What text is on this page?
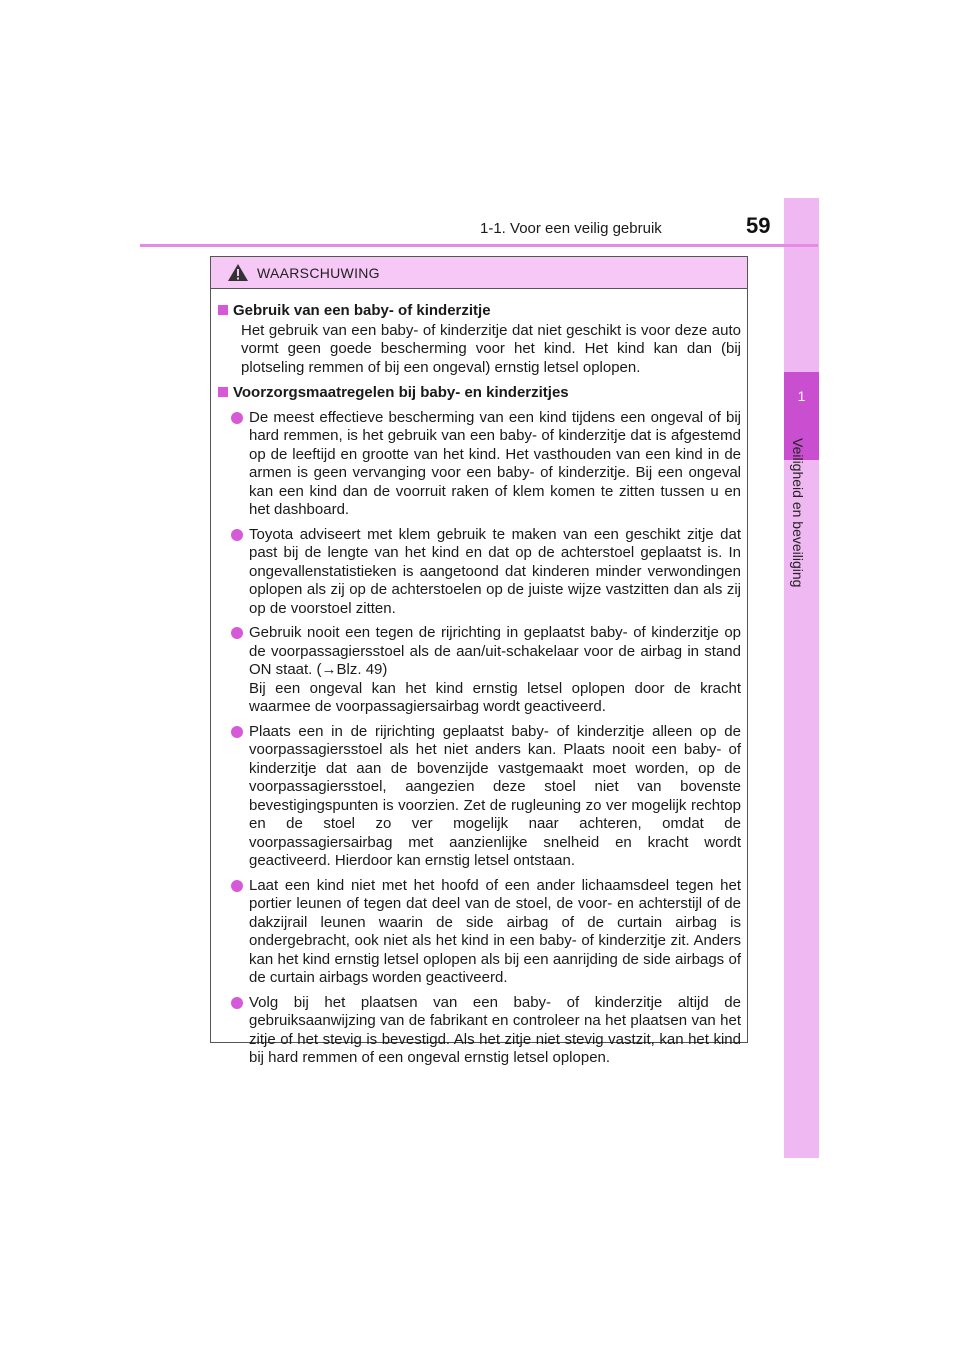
1
Veiligheid en beveiliging
1-1. Voor een veilig gebruik	59
WAARSCHUWING
Gebruik van een baby- of kinderzitje
Het gebruik van een baby- of kinderzitje dat niet geschikt is voor deze auto vormt geen goede bescherming voor het kind. Het kind kan dan (bij plotseling remmen of bij een ongeval) ernstig letsel oplopen.
Voorzorgsmaatregelen bij baby- en kinderzitjes
De meest effectieve bescherming van een kind tijdens een ongeval of bij hard remmen, is het gebruik van een baby- of kinderzitje dat is afgestemd op de leeftijd en grootte van het kind. Het vasthouden van een kind in de armen is geen vervanging voor een baby- of kinderzitje. Bij een ongeval kan een kind dan de voorruit raken of klem komen te zitten tussen u en het dashboard.
Toyota adviseert met klem gebruik te maken van een geschikt zitje dat past bij de lengte van het kind en dat op de achterstoel geplaatst is. In ongevallenstatistieken is aangetoond dat kinderen minder verwondingen oplopen als zij op de achterstoelen op de juiste wijze vastzitten dan als zij op de voorstoel zitten.

Gebruik nooit een tegen de rijrichting in geplaatst baby- of kinderzitje op de voorpassagiersstoel als de aan/uit-schakelaar voor de airbag in stand ON staat. (→Blz. 49)

Bij een ongeval kan het kind ernstig letsel oplopen door de kracht waarmee de voorpassagiersairbag wordt geactiveerd.

Plaats een in de rijrichting geplaatst baby- of kinderzitje alleen op de voorpassagiersstoel als het niet anders kan. Plaats nooit een baby- of kinderzitje dat aan de bovenzijde vastgemaakt moet worden, op de voorpassagiersstoel, aangezien deze stoel niet van bovenste bevestigingspunten is voorzien. Zet de rugleuning zo ver mogelijk rechtop en de stoel zo ver mogelijk naar achteren, omdat de voorpassagiersairbag met aanzienlijke snelheid en kracht wordt geactiveerd. Hierdoor kan ernstig letsel ontstaan.
Laat een kind niet met het hoofd of een ander lichaamsdeel tegen het portier leunen of tegen dat deel van de stoel, de voor- en achterstijl of de dakzijrail leunen waarin de side airbag of de curtain airbag is ondergebracht, ook niet als het kind in een baby- of kinderzitje zit. Anders kan het kind ernstig letsel oplopen als bij een aanrijding de side airbags of de curtain airbags worden geactiveerd.
Volg bij het plaatsen van een baby- of kinderzitje altijd de gebruiksaanwijzing van de fabrikant en controleer na het plaatsen van het zitje of het stevig is bevestigd. Als het zitje niet stevig vastzit, kan het kind bij hard remmen of een ongeval ernstig letsel oplopen.
